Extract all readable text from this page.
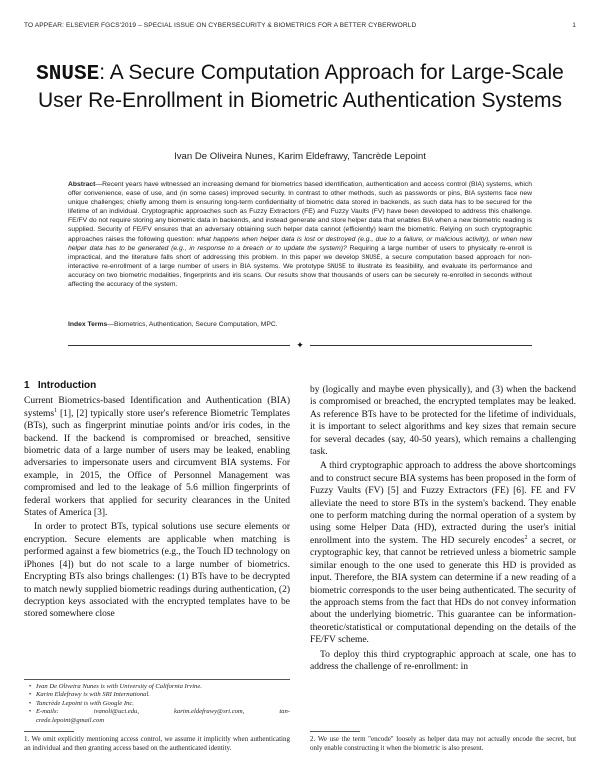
TO APPEAR: ELSEVIER FGCS'2019 – SPECIAL ISSUE ON CYBERSECURITY & BIOMETRICS FOR A BETTER CYBERWORLD	1
SNUSE: A Secure Computation Approach for Large-Scale User Re-Enrollment in Biometric Authentication Systems
Ivan De Oliveira Nunes, Karim Eldefrawy, Tancrède Lepoint
Abstract—Recent years have witnessed an increasing demand for biometrics based identification, authentication and access control (BIA) systems, which offer convenience, ease of use, and (in some cases) improved security. In contrast to other methods, such as passwords or pins, BIA systems face new unique challenges; chiefly among them is ensuring long-term confidentiality of biometric data stored in backends, as such data has to be secured for the lifetime of an individual. Cryptographic approaches such as Fuzzy Extractors (FE) and Fuzzy Vaults (FV) have been developed to address this challenge. FE/FV do not require storing any biometric data in backends, and instead generate and store helper data that enables BIA when a new biometric reading is supplied. Security of FE/FV ensures that an adversary obtaining such helper data cannot (efficiently) learn the biometric. Relying on such cryptographic approaches raises the following question: what happens when helper data is lost or destroyed (e.g., due to a failure, or malicious activity), or when new helper data has to be generated (e.g., in response to a breach or to update the system)? Requiring a large number of users to physically re-enroll is impractical, and the literature falls short of addressing this problem. In this paper we develop SNUSE, a secure computation based approach for non-interactive re-enrollment of a large number of users in BIA systems. We prototype SNUSE to illustrate its feasibility, and evaluate its performance and accuracy on two biometric modalities, fingerprints and iris scans. Our results show that thousands of users can be securely re-enrolled in seconds without affecting the accuracy of the system.
Index Terms—Biometrics, Authentication, Secure Computation, MPC.
✦
1 Introduction

Current Biometrics-based Identification and Authentication (BIA) systems$^1$ [1], [2] typically store user's reference Biometric Templates (BTs), such as fingerprint minutiae points and/or iris codes, in the backend. If the backend is compromised or breached, sensitive biometric data of a large number of users may be leaked, enabling adversaries to impersonate users and circumvent BIA systems. For example, in 2015, the Office of Personnel Management was compromised and led to the leakage of 5.6 million fingerprints of federal workers that applied for security clearances in the United States of America [3].

In order to protect BTs, typical solutions use secure elements or encryption. Secure elements are applicable when matching is performed against a few biometrics (e.g., the Touch ID technology on iPhones [4]) but do not scale to a large number of biometrics. Encrypting BTs also brings challenges: (1) BTs have to be decrypted to match newly supplied biometric readings during authentication, (2) decryption keys associated with the encrypted templates have to be stored somewhere close

by (logically and maybe even physically), and (3) when the backend is compromised or breached, the encrypted templates may be leaked. As reference BTs have to be protected for the lifetime of individuals, it is important to select algorithms and key sizes that remain secure for several decades (say, 40-50 years), which remains a challenging task.

A third cryptographic approach to address the above shortcomings and to construct secure BIA systems has been proposed in the form of Fuzzy Vaults (FV) [5] and Fuzzy Extractors (FE) [6]. FE and FV alleviate the need to store BTs in the system's backend. They enable one to perform matching during the normal operation of a system by using some Helper Data (HD), extracted during the user's initial enrollment into the system. The HD securely encodes$^2$ a secret, or cryptographic key, that cannot be retrieved unless a biometric sample similar enough to the one used to generate this HD is provided as input. Therefore, the BIA system can determine if a new reading of a biometric corresponds to the user being authenticated. The security of the approach stems from the fact that HDs do not convey information about the underlying biometric. This guarantee can be information-theoretic/statistical or computational depending on the details of the FE/FV scheme.

To deploy this third cryptographic approach at scale, one has to address the challenge of re-enrollment: in

• Ivan De Oliveira Nunes is with University of California Irvine.
• Karim Eldefrawy is with SRI International.
• Tancrède Lepoint is with Google Inc.
• E-mails:	ivanoli@uci.edu,	karim.eldefrawy@sri.com,	tan-
crede.lepoint@gmail.com
1. We omit explicitly mentioning access control, we assume it implicitly when authenticating an individual and then granting access based on the authenticated identity.
2. We use the term "encode" loosely as helper data may not actually encode the secret, but only enable constructing it when the biometric is also present.
